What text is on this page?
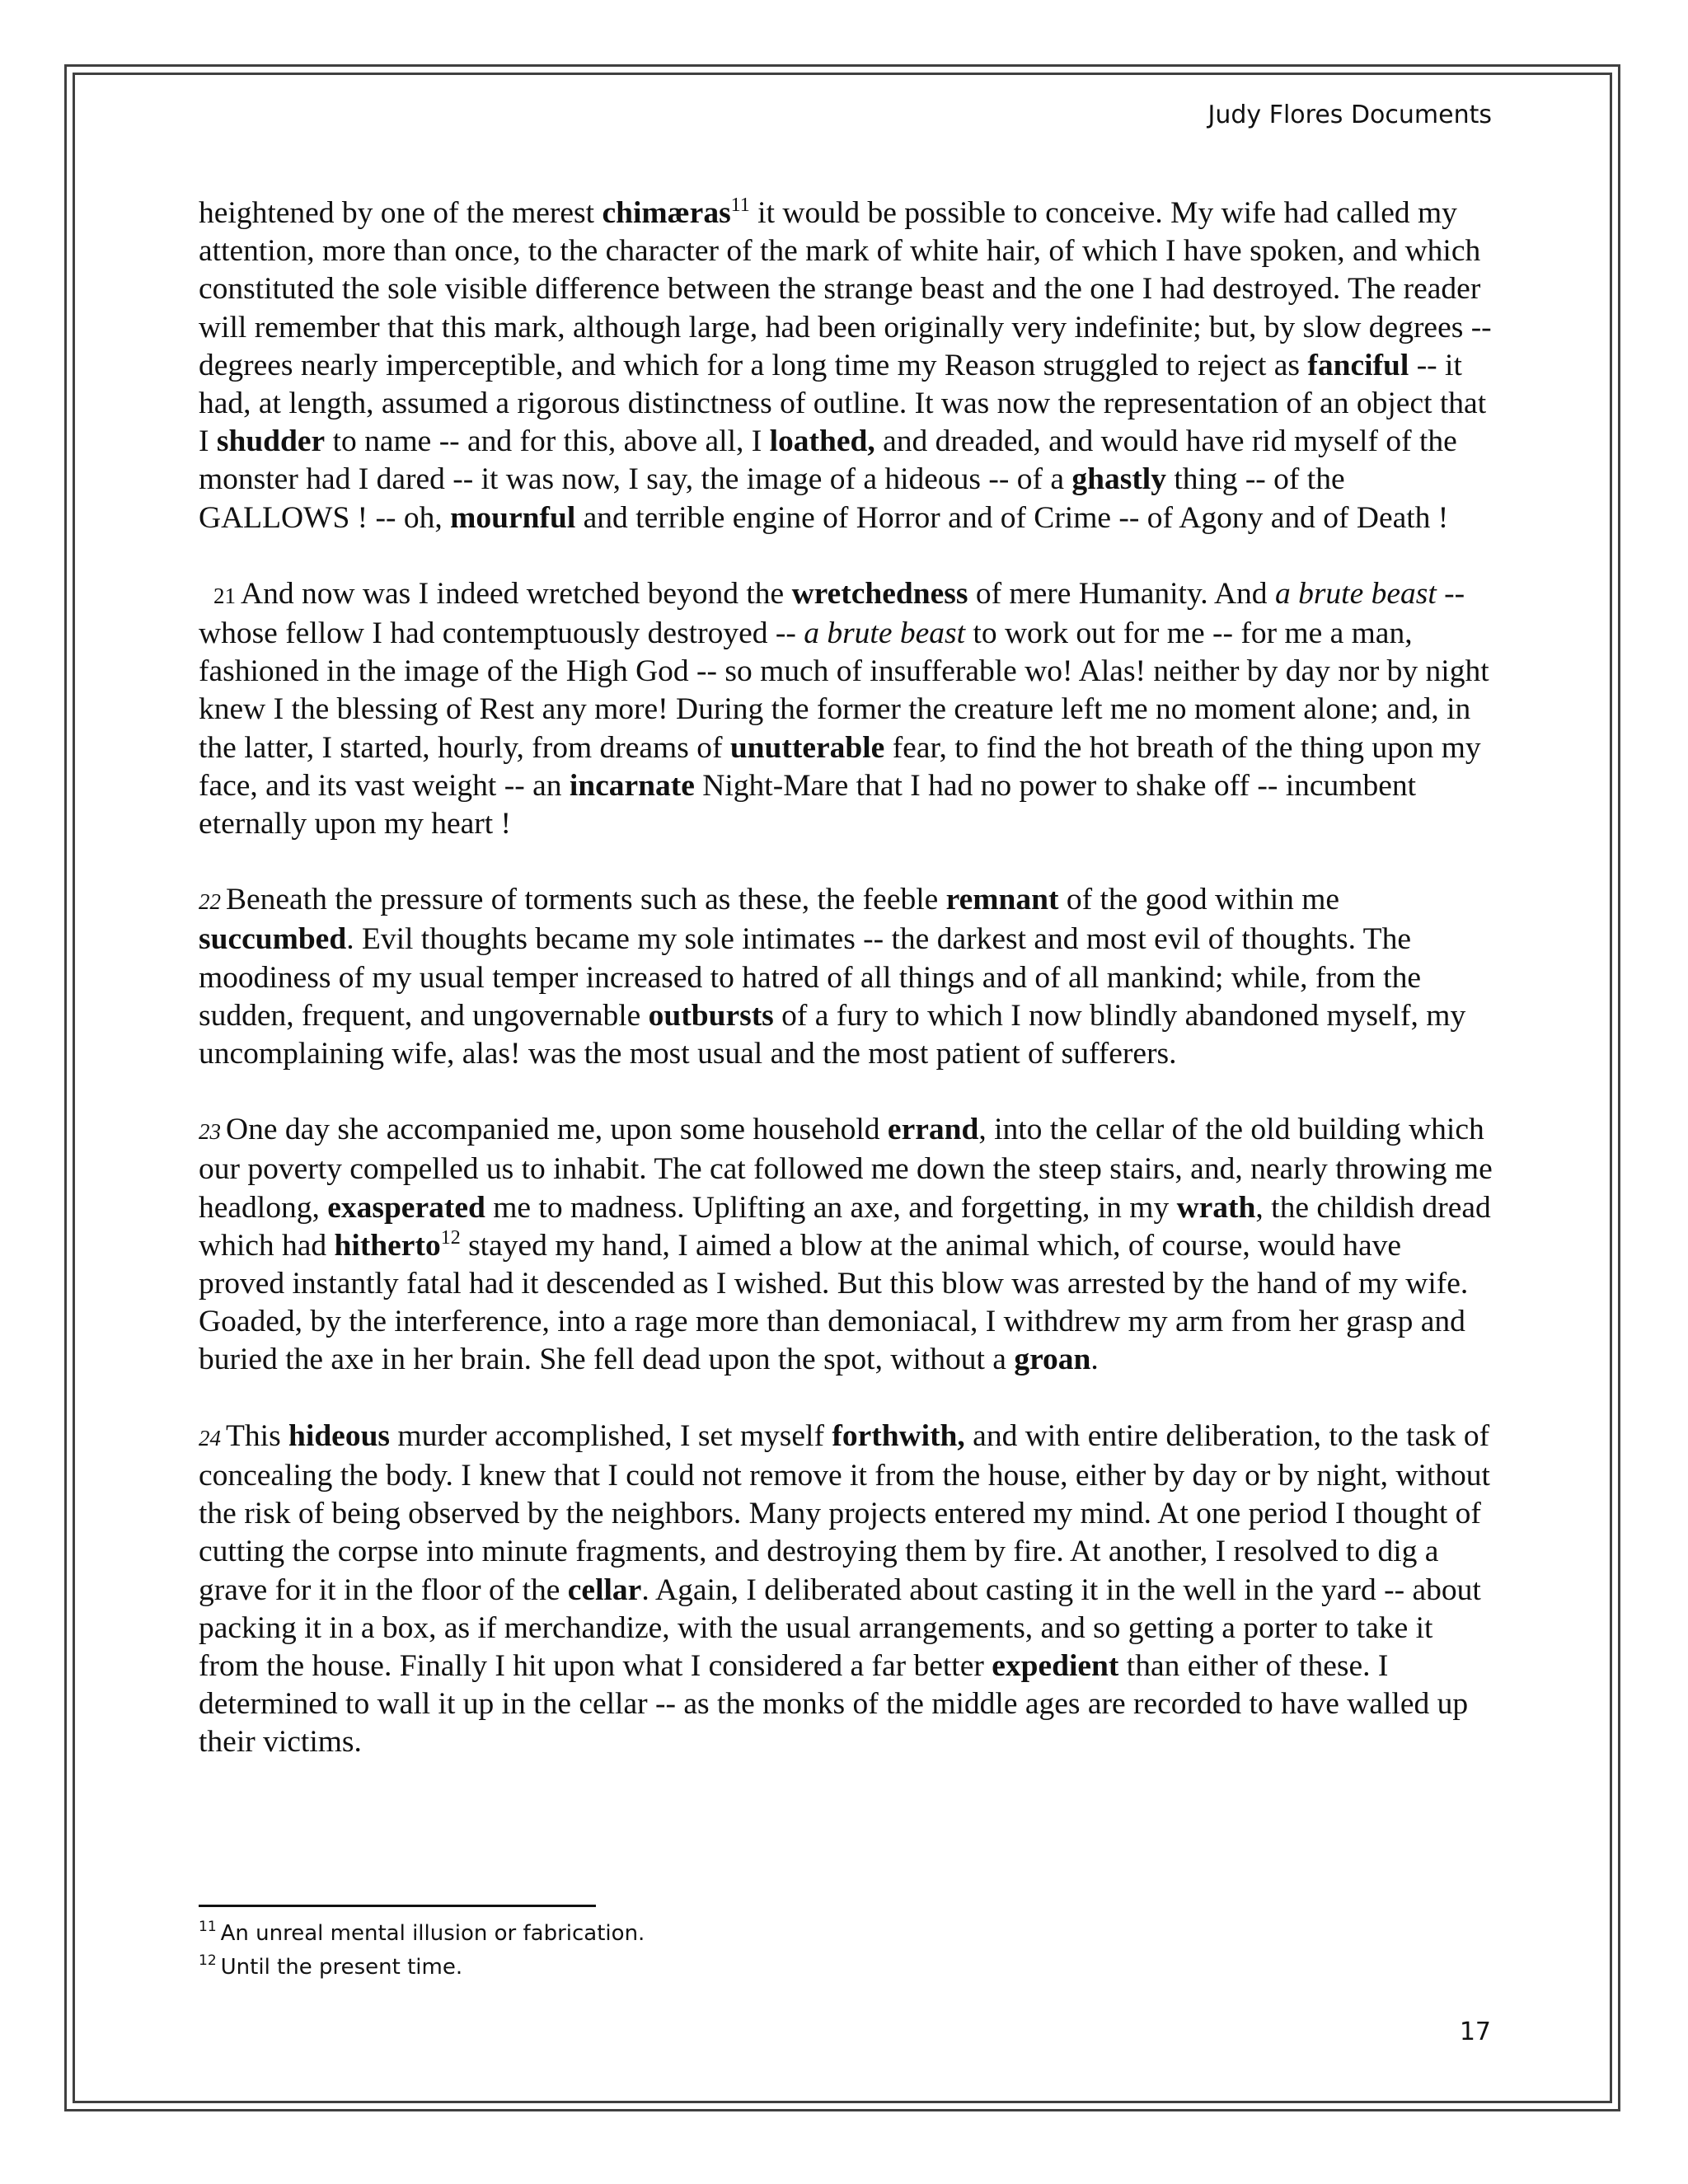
Judy Flores Documents

heightened by one of the merest chimæras$^{11}$ it would be possible to conceive. My wife had called my attention, more than once, to the character of the mark of white hair, of which I have spoken, and which constituted the sole visible difference between the strange beast and the one I had destroyed. The reader will remember that this mark, although large, had been originally very indefinite; but, by slow degrees -- degrees nearly imperceptible, and which for a long time my Reason struggled to reject as fanciful -- it had, at length, assumed a rigorous distinctness of outline. It was now the representation of an object that I shudder to name -- and for this, above all, I loathed, and dreaded, and would have rid myself of the monster had I dared -- it was now, I say, the image of a hideous -- of a ghastly thing -- of the GALLOWS ! -- oh, mournful and terrible engine of Horror and of Crime -- of Agony and of Death !

21 And now was I indeed wretched beyond the wretchedness of mere Humanity. And a brute beast -- whose fellow I had contemptuously destroyed -- a brute beast to work out for me -- for me a man, fashioned in the image of the High God -- so much of insufferable wo! Alas! neither by day nor by night knew I the blessing of Rest any more! During the former the creature left me no moment alone; and, in the latter, I started, hourly, from dreams of unutterable fear, to find the hot breath of the thing upon my face, and its vast weight -- an incarnate Night-Mare that I had no power to shake off -- incumbent eternally upon my heart !

22 Beneath the pressure of torments such as these, the feeble remnant of the good within me succumbed. Evil thoughts became my sole intimates -- the darkest and most evil of thoughts. The moodiness of my usual temper increased to hatred of all things and of all mankind; while, from the sudden, frequent, and ungovernable outbursts of a fury to which I now blindly abandoned myself, my uncomplaining wife, alas! was the most usual and the most patient of sufferers.

23 One day she accompanied me, upon some household errand, into the cellar of the old building which our poverty compelled us to inhabit. The cat followed me down the steep stairs, and, nearly throwing me headlong, exasperated me to madness. Uplifting an axe, and forgetting, in my wrath, the childish dread which had hitherto$^{12}$ stayed my hand, I aimed a blow at the animal which, of course, would have proved instantly fatal had it descended as I wished. But this blow was arrested by the hand of my wife. Goaded, by the interference, into a rage more than demoniacal, I withdrew my arm from her grasp and buried the axe in her brain. She fell dead upon the spot, without a groan.

24 This hideous murder accomplished, I set myself forthwith, and with entire deliberation, to the task of concealing the body. I knew that I could not remove it from the house, either by day or by night, without the risk of being observed by the neighbors. Many projects entered my mind. At one period I thought of cutting the corpse into minute fragments, and destroying them by fire. At another, I resolved to dig a grave for it in the floor of the cellar. Again, I deliberated about casting it in the well in the yard -- about packing it in a box, as if merchandize, with the usual arrangements, and so getting a porter to take it from the house. Finally I hit upon what I considered a far better expedient than either of these. I determined to wall it up in the cellar -- as the monks of the middle ages are recorded to have walled up their victims.

$^{11}$ An unreal mental illusion or fabrication.
$^{12}$ Until the present time.
17
